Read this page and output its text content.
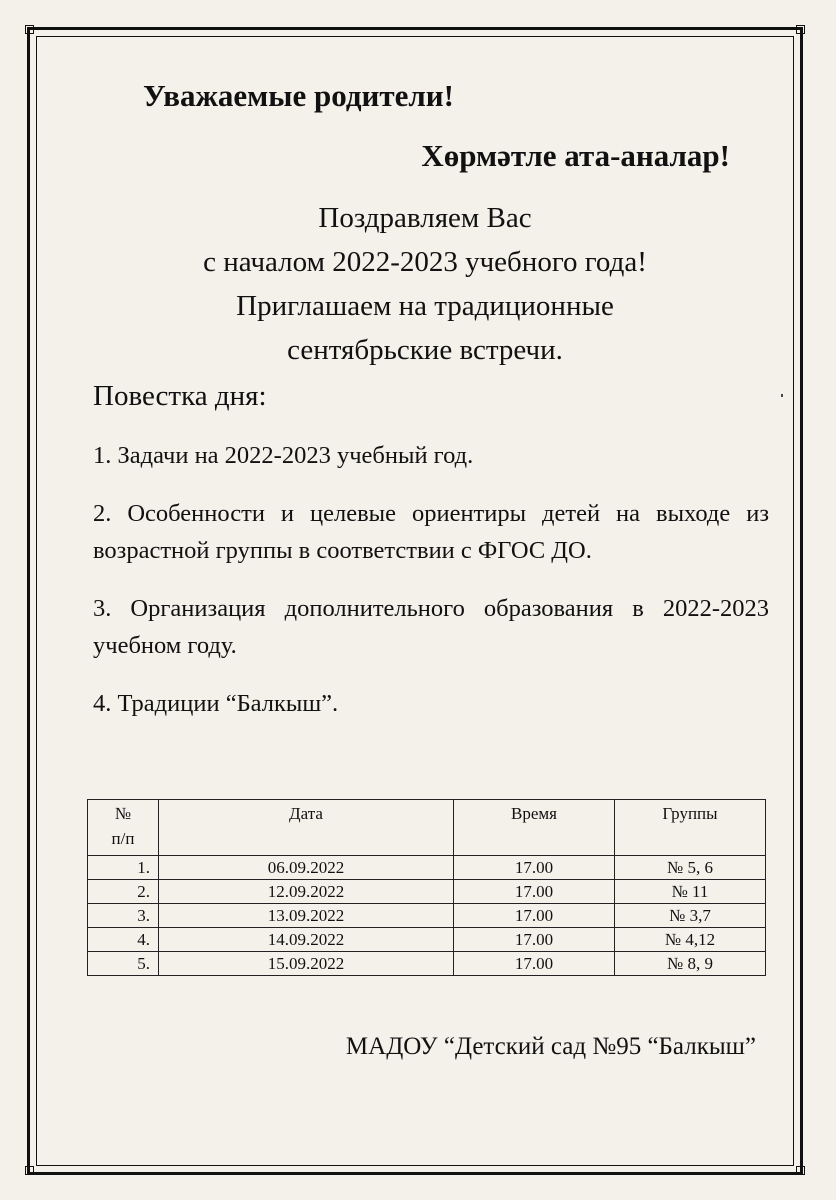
Уважаемые родители!
Хөрмәтле ата-аналар!
Поздравляем Вас
с началом 2022-2023 учебного года!
Приглашаем на традиционные
сентябрьские встречи.
Повестка дня:
1. Задачи на 2022-2023 учебный год.
2. Особенности и целевые ориентиры детей на выходе из возрастной группы в соответствии с ФГОС ДО.
3. Организация дополнительного образования в 2022-2023 учебном году.
4. Традиции “Балкыш”.
№
п/п	Дата	Время	Группы
1.	06.09.2022	17.00	№ 5, 6
2.	12.09.2022	17.00	№ 11
3.	13.09.2022	17.00	№ 3,7
4.	14.09.2022	17.00	№ 4,12
5.	15.09.2022	17.00	№ 8, 9
МАДОУ “Детский сад №95 “Балкыш”
